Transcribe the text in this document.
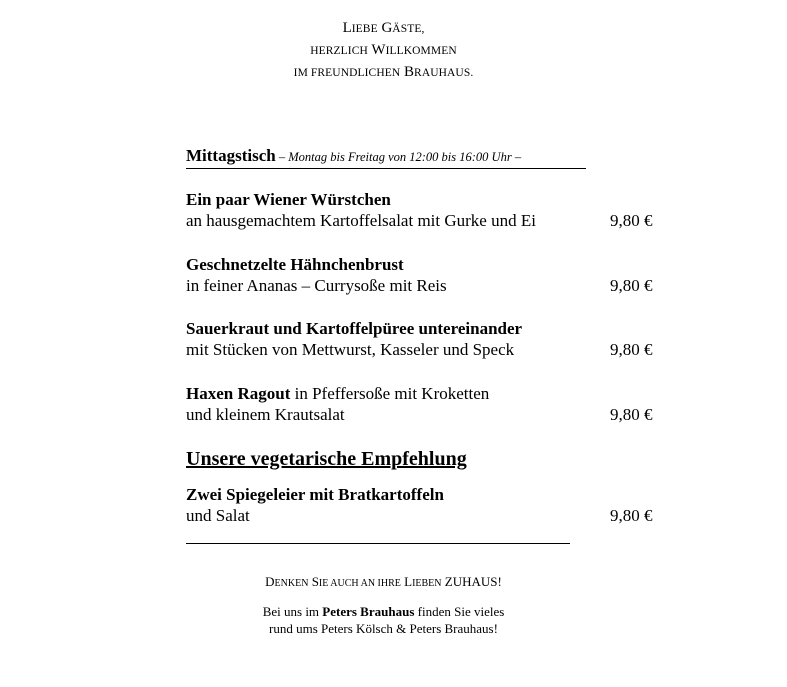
LIEBE GÄSTE,
HERZLICH WILLKOMMEN
IM FREUNDLICHEN BRAUHAUS.
Mittagstisch – Montag bis Freitag von 12:00 bis 16:00 Uhr –
Ein paar Wiener Würstchen
an hausgemachtem Kartoffelsalat mit Gurke und Ei	9,80 €
Geschnetzelte Hähnchenbrust
in feiner Ananas – Currysoße mit Reis	9,80 €
Sauerkraut und Kartoffelpüree untereinander
mit Stücken von Mettwurst, Kasseler und Speck	9,80 €
Haxen Ragout in Pfeffersoße mit Kroketten
und kleinem Krautsalat	9,80 €
Unsere vegetarische Empfehlung
Zwei Spiegeleier mit Bratkartoffeln
und Salat	9,80 €
DENKEN SIE AUCH AN IHRE LIEBEN ZUHAUS!
Bei uns im Peters Brauhaus finden Sie vieles
rund ums Peters Kölsch & Peters Brauhaus!
